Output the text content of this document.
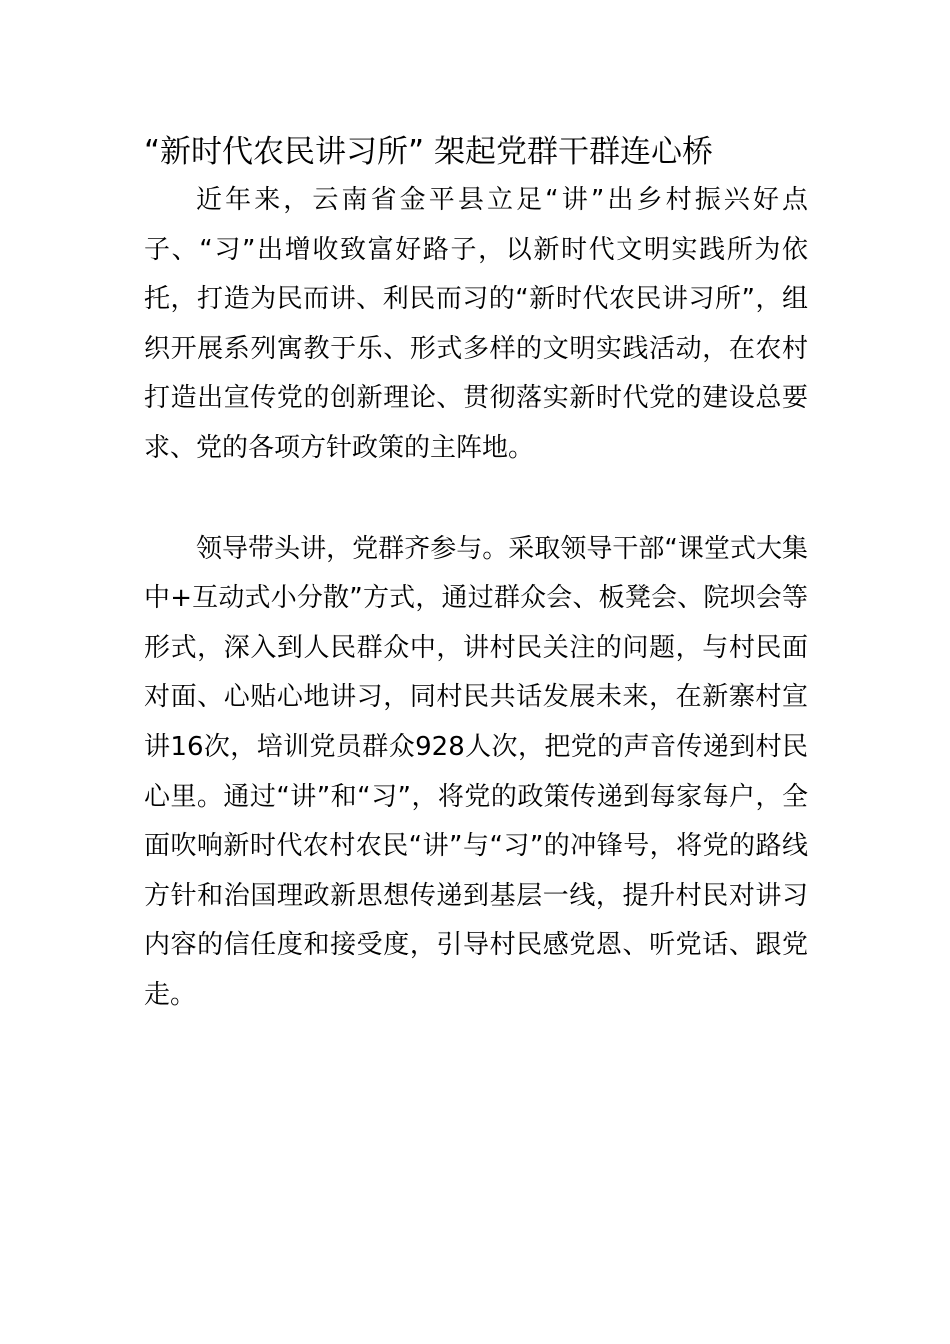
“新时代农民讲习所” 架起党群干群连心桥

近年来，云南省金平县立足“讲”出乡村振兴好点子、“习”出增收致富好路子，以新时代文明实践所为依托，打造为民而讲、利民而习的“新时代农民讲习所”，组织开展系列寓教于乐、形式多样的文明实践活动，在农村打造出宣传党的创新理论、贯彻落实新时代党的建设总要求、党的各项方针政策的主阵地。

领导带头讲，党群齐参与。采取领导干部“课堂式大集中+互动式小分散”方式，通过群众会、板凳会、院坝会等形式，深入到人民群众中，讲村民关注的问题，与村民面对面、心贴心地讲习，同村民共话发展未来，在新寨村宣讲16次，培训党员群众928人次，把党的声音传递到村民心里。通过“讲”和“习”，将党的政策传递到每家每户，全面吹响新时代农村农民“讲”与“习”的冲锋号，将党的路线方针和治国理政新思想传递到基层一线，提升村民对讲习内容的信任度和接受度，引导村民感党恩、听党话、跟党走。
